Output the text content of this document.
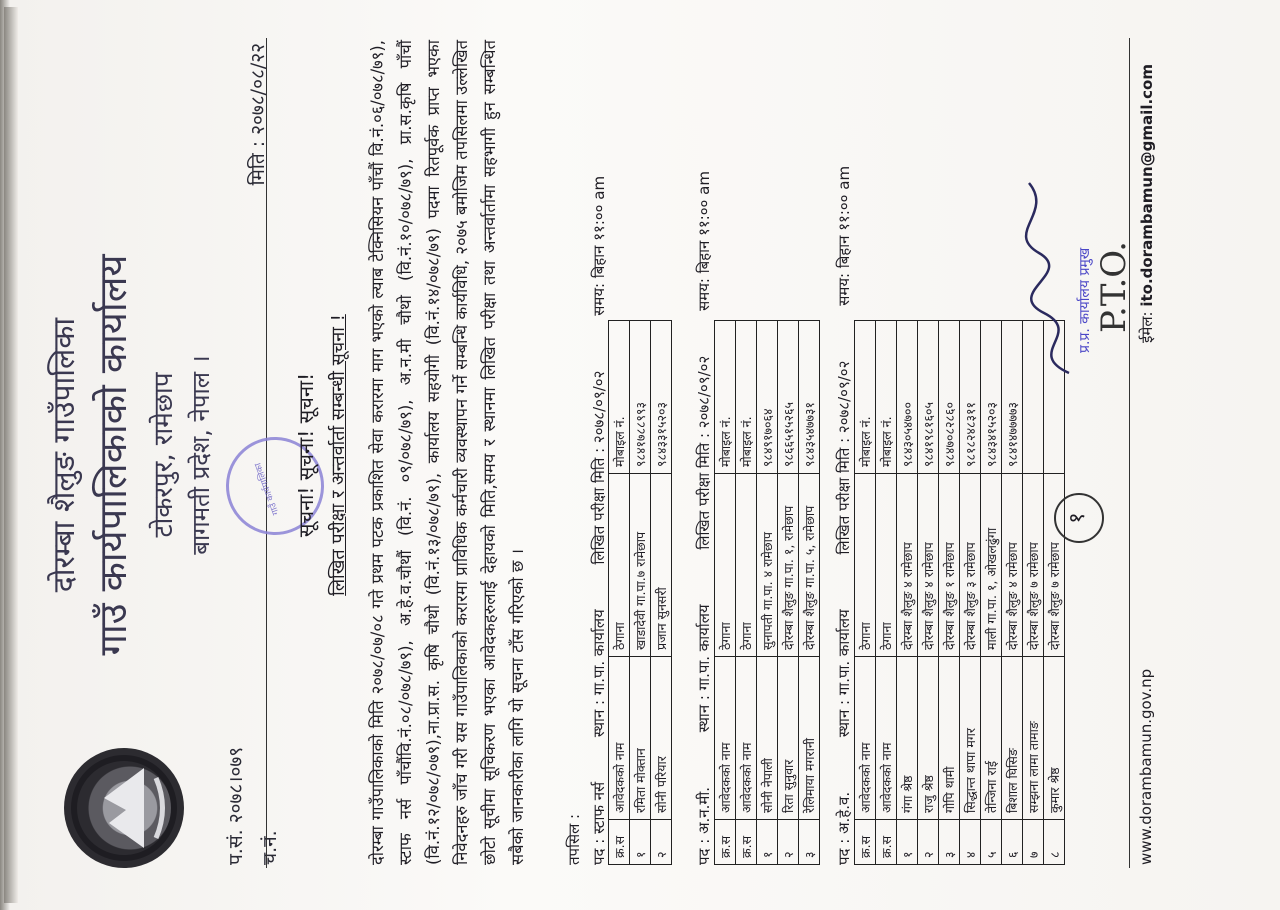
दोरम्बा शैलुङ गाउँपालिका गाउँ कार्यपालिकाको कार्यालय टोकरपुर, रामेछाप बागमती प्रदेश, नेपाल ।
प.सं. २०७८।०७९ च.नं.
मिति : २०७८/०८/२२
गाउँ कार्यपालिका सूचना! सूचना! सूचना! लिखित परीक्षा र अन्तर्वार्ता सम्बन्धी सूचना ! दोरम्बा गाउँपालिकाको मिति २०७८/०७/०८ गते प्रथम पटक प्रकाशित सेवा करारमा माग भएको ल्याब टेक्निसियन पाँचौं वि.नं.०६/०७८/७९), स्टाफ नर्स पाँचौंवि.नं.०८/०७८/७९), अ.हे.व.चौथौं (वि.नं. ०९/०७८/७९), अ.न.मी चौथो (वि.नं.१०/०७८/७९), प्रा.स.कृषि पाँचौं (वि.नं.१२/०७८/०७९),ना.प्रा.स. कृषि चौथो (वि.नं.१३/०७८/७९), कार्यालय सहयोगी (वि.नं.१४/०७८/७९) पदमा रितपूर्वक प्राप्त भएका निवेदनहरु जाँच गरी यस गाउँपालिकाको करारमा प्राविधिक कर्मचारी व्यवस्थापन गर्ने सम्बन्धि कार्यविधि, २०७५ बमोजिम तपसिलमा उल्लेखित छोटो सूचीमा सूचिकरण भएका आवेदकहरुलाई देहायको मिति,समय र स्थानमा लिखित परीक्षा तथा अन्तर्वार्तामा सहभागी हुन सम्बन्धित सबैको जानकारीका लागि यो सूचना टाँस गरिएको छ ।	तपसिल : पद : स्टाफ नर्स स्थान : गा.पा. कार्यालय लिखित परीक्षा मिति : २०७८/०९/०२ समय: बिहान ११:०० am
क्र.स	आवेदकको नाम	ठेगाना	मोबाइल नं.
१	रमिता मोक्तान	खाडादेवी गा.पा.७ रामेछाप	९८४१७८८९९३
२	सोनी परियार	प्रजान सुनसरी	९८४३३१५२०३
पद : अ.न.मी. स्थान : गा.पा. कार्यालय लिखित परीक्षा मिति : २०७८/०९/०२ समय: बिहान ११:०० am
क्र.स	आवेदकको नाम	ठेगाना	मोबाइल नं.
क्र.स	आवेदकको नाम	ठेगाना	मोबाइल नं.
१	सोनी नेपाली	सुनापती गा.पा. ४ रामेछाप	९८४९१७०६४
२	रिता सुनुवार	दोरम्बा शैलुङ गा.पा. १, रामेछाप	९८६६५१५२६५
३	रेलिमाया मगरानी	दोरम्बा शैलुङ गा.पा. ५, रामेछाप	९८४३५४७७३१
पद : अ.हे.व. स्थान : गा.पा. कार्यालय लिखित परीक्षा मिति : २०७८/०९/०२ समय: बिहान ११:०० am
क्र.स	आवेदकको नाम	ठेगाना	मोबाइल नं.
क्र.स	आवेदकको नाम	ठेगाना	मोबाइल नं.
१	गंगा श्रेष्ठ	दोरम्बा शैलुङ ४ रामेछाप	९८४३०५४७००
२	राजु श्रेष्ठ	दोरम्बा शैलुङ ४ रामेछाप	९८४१९८१६०५
३	गोपि थामी	दोरम्बा शैलुङ १ रामेछाप	९८४७०८२८६०
४	सिद्धान्त थापा मगर	दोरम्बा शैलुङ ३ रामेछाप	९८१८२४८३११
५	तेन्जिना राई	माली गा.पा. १, ओखलढुंगा	९८४३४१५२०३
६	बिशाल घिसिङ	दोरम्बा शैलुङ ४ रामेछाप	९८४१४७७७७३
७	सम्झना लामा तामाङ	दोरम्बा शैलुङ ७ रामेछाप	
८	कुमार श्रेष्ठ	दोरम्बा शैलुङ ७ रामेछाप	
१
प्र.प्र. कार्यालय प्रमुख P.T.O.
www.dorambamun.gov.np
ईमेल: ito.dorambamun@gmail.com
